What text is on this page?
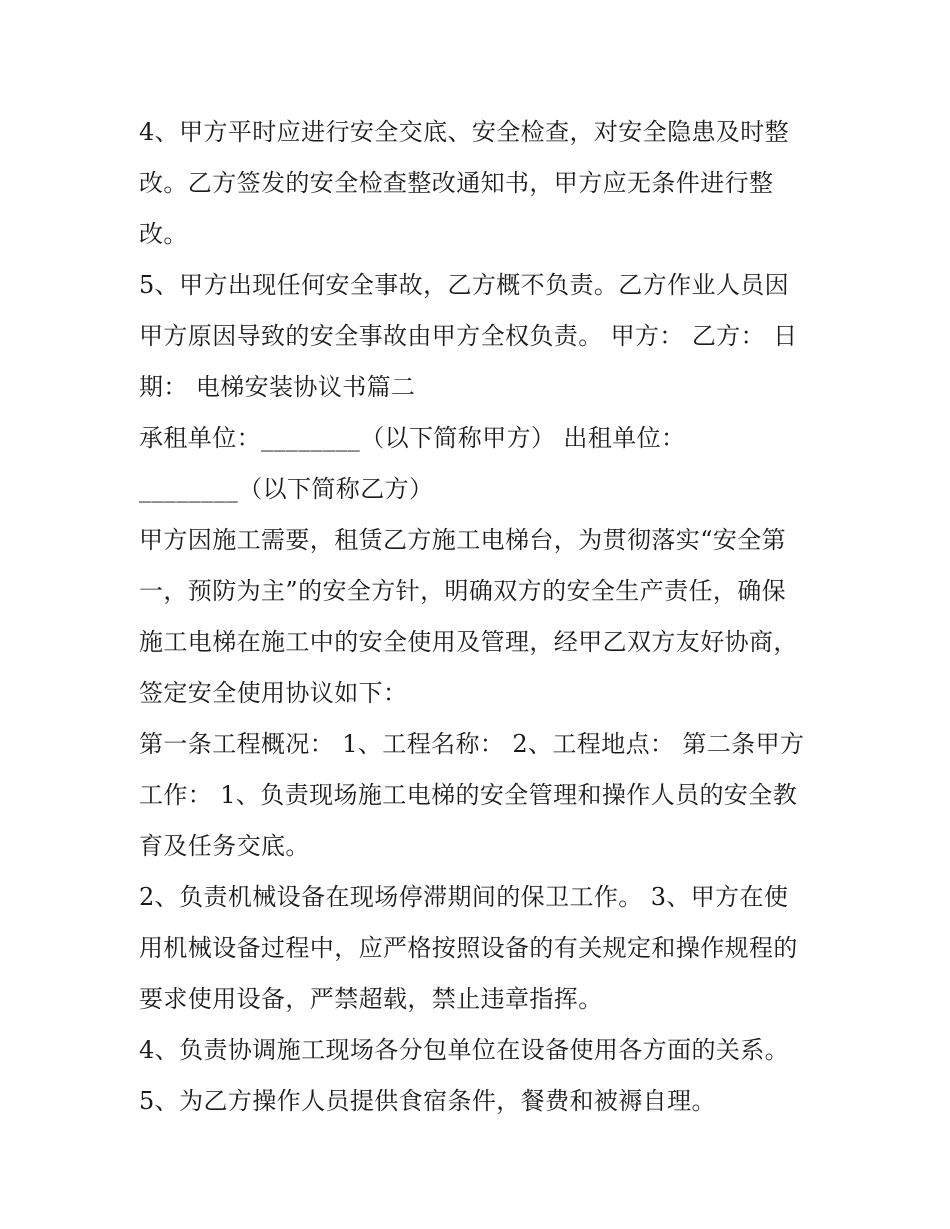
4、甲方平时应进行安全交底、安全检查，对安全隐患及时整
改。乙方签发的安全检查整改通知书，甲方应无条件进行整
改。
5、甲方出现任何安全事故，乙方概不负责。乙方作业人员因
甲方原因导致的安全事故由甲方全权负责。 甲方： 乙方： 日
期： 电梯安装协议书篇二
承租单位：________（以下简称甲方） 出租单位：
________（以下简称乙方）
甲方因施工需要，租赁乙方施工电梯台，为贯彻落实“安全第
一，预防为主”的安全方针，明确双方的安全生产责任，确保
施工电梯在施工中的安全使用及管理，经甲乙双方友好协商，
签定安全使用协议如下：
第一条工程概况： 1、工程名称： 2、工程地点： 第二条甲方
工作： 1、负责现场施工电梯的安全管理和操作人员的安全教
育及任务交底。
2、负责机械设备在现场停滞期间的保卫工作。 3、甲方在使
用机械设备过程中，应严格按照设备的有关规定和操作规程的
要求使用设备，严禁超载，禁止违章指挥。
4、负责协调施工现场各分包单位在设备使用各方面的关系。
5、为乙方操作人员提供食宿条件，餐费和被褥自理。
